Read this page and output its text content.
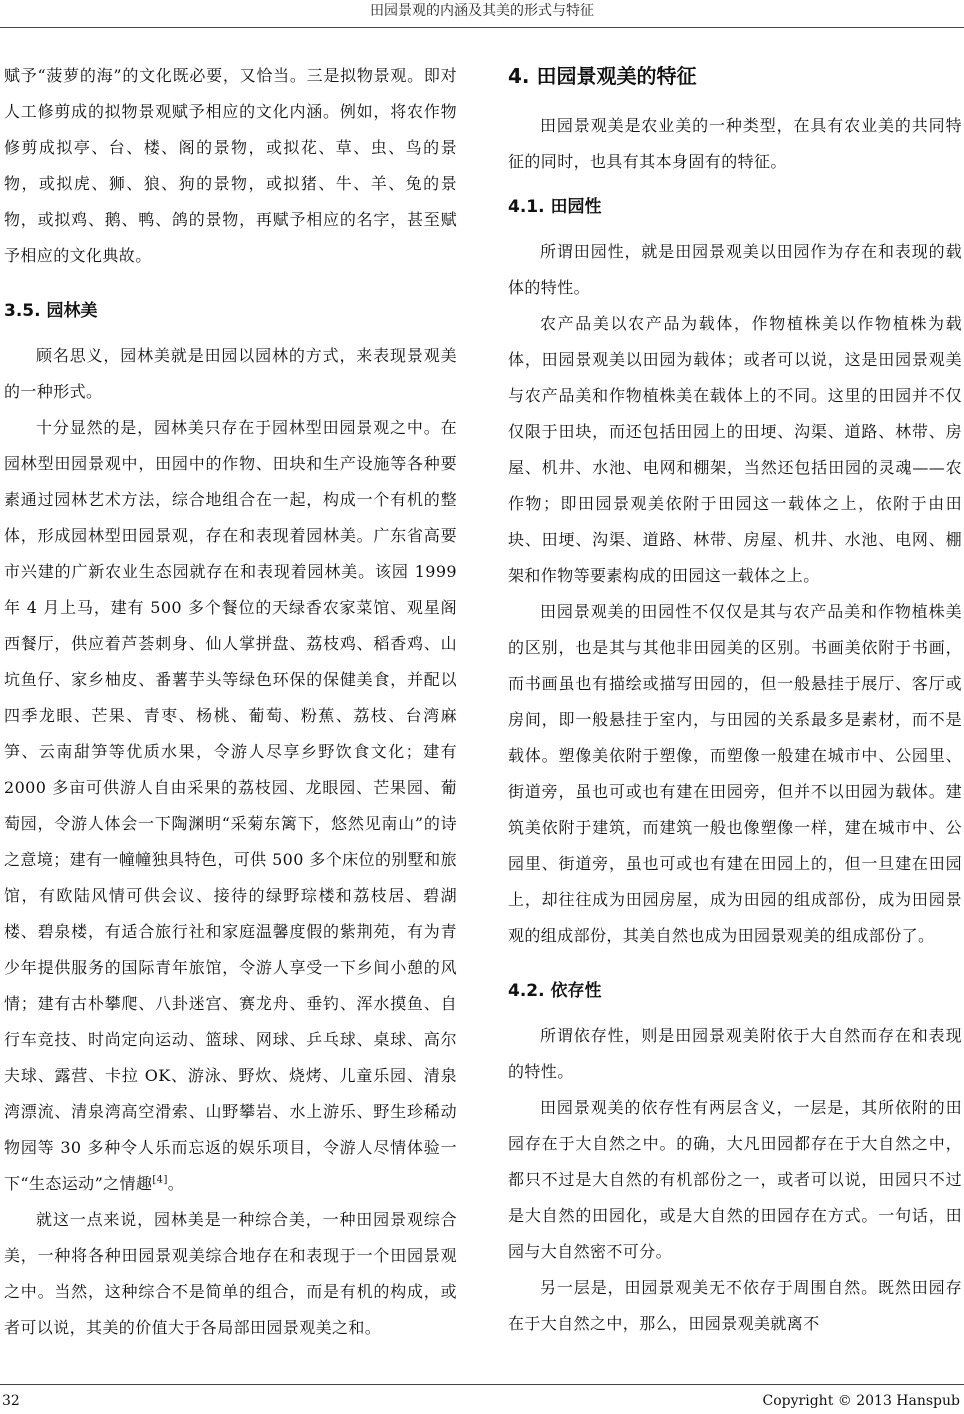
田园景观的内涵及其美的形式与特征

赋予“菠萝的海”的文化既必要，又恰当。三是拟物景观。即对人工修剪成的拟物景观赋予相应的文化内涵。例如，将农作物修剪成拟亭、台、楼、阁的景物，或拟花、草、虫、鸟的景物，或拟虎、狮、狼、狗的景物，或拟猪、牛、羊、兔的景物，或拟鸡、鹅、鸭、鸽的景物，再赋予相应的名字，甚至赋予相应的文化典故。

3.5. 园林美

顾名思义，园林美就是田园以园林的方式，来表现景观美的一种形式。

十分显然的是，园林美只存在于园林型田园景观之中。在园林型田园景观中，田园中的作物、田块和生产设施等各种要素通过园林艺术方法，综合地组合在一起，构成一个有机的整体，形成园林型田园景观，存在和表现着园林美。广东省高要市兴建的广新农业生态园就存在和表现着园林美。该园 1999 年 4 月上马，建有 500 多个餐位的天绿香农家菜馆、观星阁西餐厅，供应着芦荟刺身、仙人掌拼盘、荔枝鸡、稻香鸡、山坑鱼仔、家乡柚皮、番薯芋头等绿色环保的保健美食，并配以四季龙眼、芒果、青枣、杨桃、葡萄、粉蕉、荔枝、台湾麻笋、云南甜笋等优质水果，令游人尽享乡野饮食文化；建有 2000 多亩可供游人自由采果的荔枝园、龙眼园、芒果园、葡萄园，令游人体会一下陶渊明“采菊东篱下，悠然见南山”的诗之意境；建有一幢幢独具特色，可供 500 多个床位的别墅和旅馆，有欧陆风情可供会议、接待的绿野琮楼和荔枝居、碧湖楼、碧泉楼，有适合旅行社和家庭温馨度假的紫荆苑，有为青少年提供服务的国际青年旅馆，令游人享受一下乡间小憩的风情；建有古朴攀爬、八卦迷宫、赛龙舟、垂钓、浑水摸鱼、自行车竞技、时尚定向运动、篮球、网球、乒乓球、桌球、高尔夫球、露营、卡拉 OK、游泳、野炊、烧烤、儿童乐园、清泉湾漂流、清泉湾高空滑索、山野攀岩、水上游乐、野生珍稀动物园等 30 多种令人乐而忘返的娱乐项目，令游人尽情体验一下“生态运动”之情趣[4]。

就这一点来说，园林美是一种综合美，一种田园景观综合美，一种将各种田园景观美综合地存在和表现于一个田园景观之中。当然，这种综合不是简单的组合，而是有机的构成，或者可以说，其美的价值大于各局部田园景观美之和。

4. 田园景观美的特征

田园景观美是农业美的一种类型，在具有农业美的共同特征的同时，也具有其本身固有的特征。

4.1. 田园性

所谓田园性，就是田园景观美以田园作为存在和表现的载体的特性。

农产品美以农产品为载体，作物植株美以作物植株为载体，田园景观美以田园为载体；或者可以说，这是田园景观美与农产品美和作物植株美在载体上的不同。这里的田园并不仅仅限于田块，而还包括田园上的田埂、沟渠、道路、林带、房屋、机井、水池、电网和棚架，当然还包括田园的灵魂——农作物；即田园景观美依附于田园这一载体之上，依附于由田块、田埂、沟渠、道路、林带、房屋、机井、水池、电网、棚架和作物等要素构成的田园这一载体之上。

田园景观美的田园性不仅仅是其与农产品美和作物植株美的区别，也是其与其他非田园美的区别。书画美依附于书画，而书画虽也有描绘或描写田园的，但一般悬挂于展厅、客厅或房间，即一般悬挂于室内，与田园的关系最多是素材，而不是载体。塑像美依附于塑像，而塑像一般建在城市中、公园里、街道旁，虽也可或也有建在田园旁，但并不以田园为载体。建筑美依附于建筑，而建筑一般也像塑像一样，建在城市中、公园里、街道旁，虽也可或也有建在田园上的，但一旦建在田园上，却往往成为田园房屋，成为田园的组成部份，成为田园景观的组成部份，其美自然也成为田园景观美的组成部份了。

4.2. 依存性

所谓依存性，则是田园景观美附依于大自然而存在和表现的特性。

田园景观美的依存性有两层含义，一层是，其所依附的田园存在于大自然之中。的确，大凡田园都存在于大自然之中，都只不过是大自然的有机部份之一，或者可以说，田园只不过是大自然的田园化，或是大自然的田园存在方式。一句话，田园与大自然密不可分。

另一层是，田园景观美无不依存于周围自然。既然田园存在于大自然之中，那么，田园景观美就离不

32	Copyright © 2013 Hanspub
